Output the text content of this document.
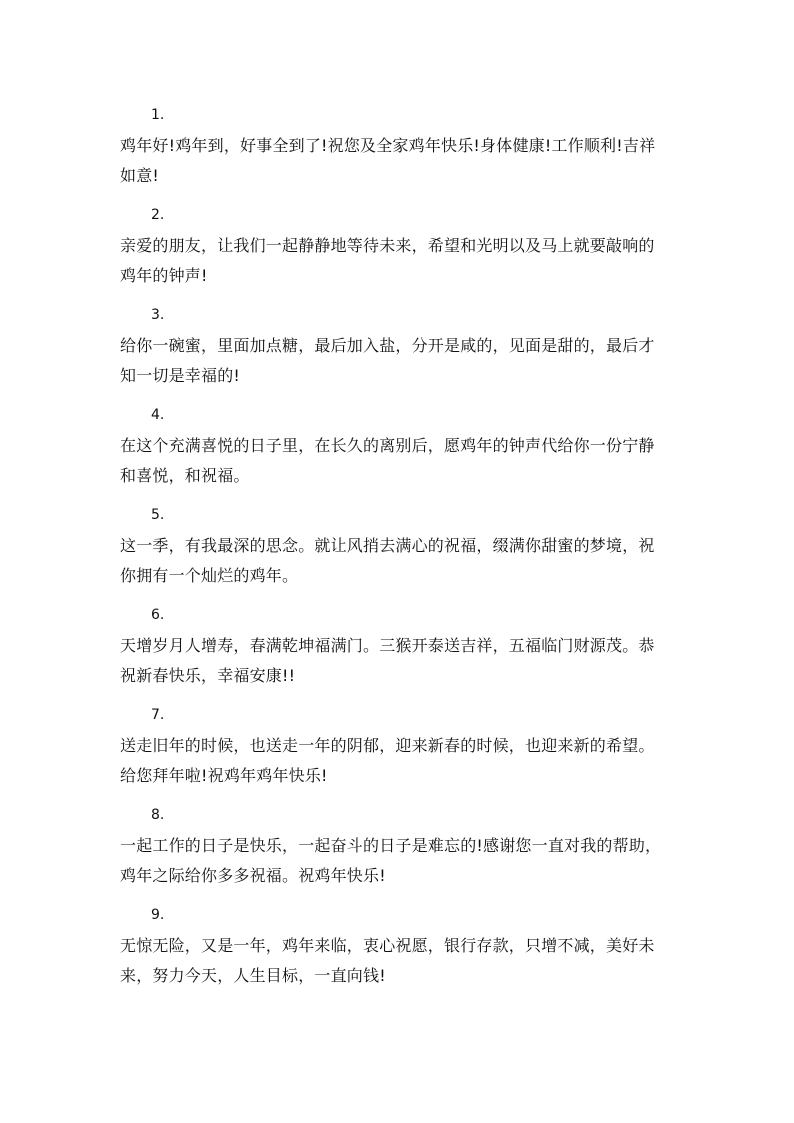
1.
鸡年好!鸡年到，好事全到了!祝您及全家鸡年快乐!身体健康!工作顺利!吉祥如意!
2.
亲爱的朋友，让我们一起静静地等待未来，希望和光明以及马上就要敲响的鸡年的钟声!
3.
给你一碗蜜，里面加点糖，最后加入盐，分开是咸的，见面是甜的，最后才知一切是幸福的!
4.
在这个充满喜悦的日子里，在长久的离别后，愿鸡年的钟声代给你一份宁静和喜悦，和祝福。
5.
这一季，有我最深的思念。就让风捎去满心的祝福，缀满你甜蜜的梦境，祝你拥有一个灿烂的鸡年。
6.
天增岁月人增寿，春满乾坤福满门。三猴开泰送吉祥，五福临门财源茂。恭祝新春快乐，幸福安康!!
7.
送走旧年的时候，也送走一年的阴郁，迎来新春的时候，也迎来新的希望。给您拜年啦!祝鸡年鸡年快乐!
8.
一起工作的日子是快乐，一起奋斗的日子是难忘的!感谢您一直对我的帮助，鸡年之际给你多多祝福。祝鸡年快乐!
9.
无惊无险，又是一年，鸡年来临，衷心祝愿，银行存款，只增不减，美好未来，努力今天，人生目标，一直向钱!
